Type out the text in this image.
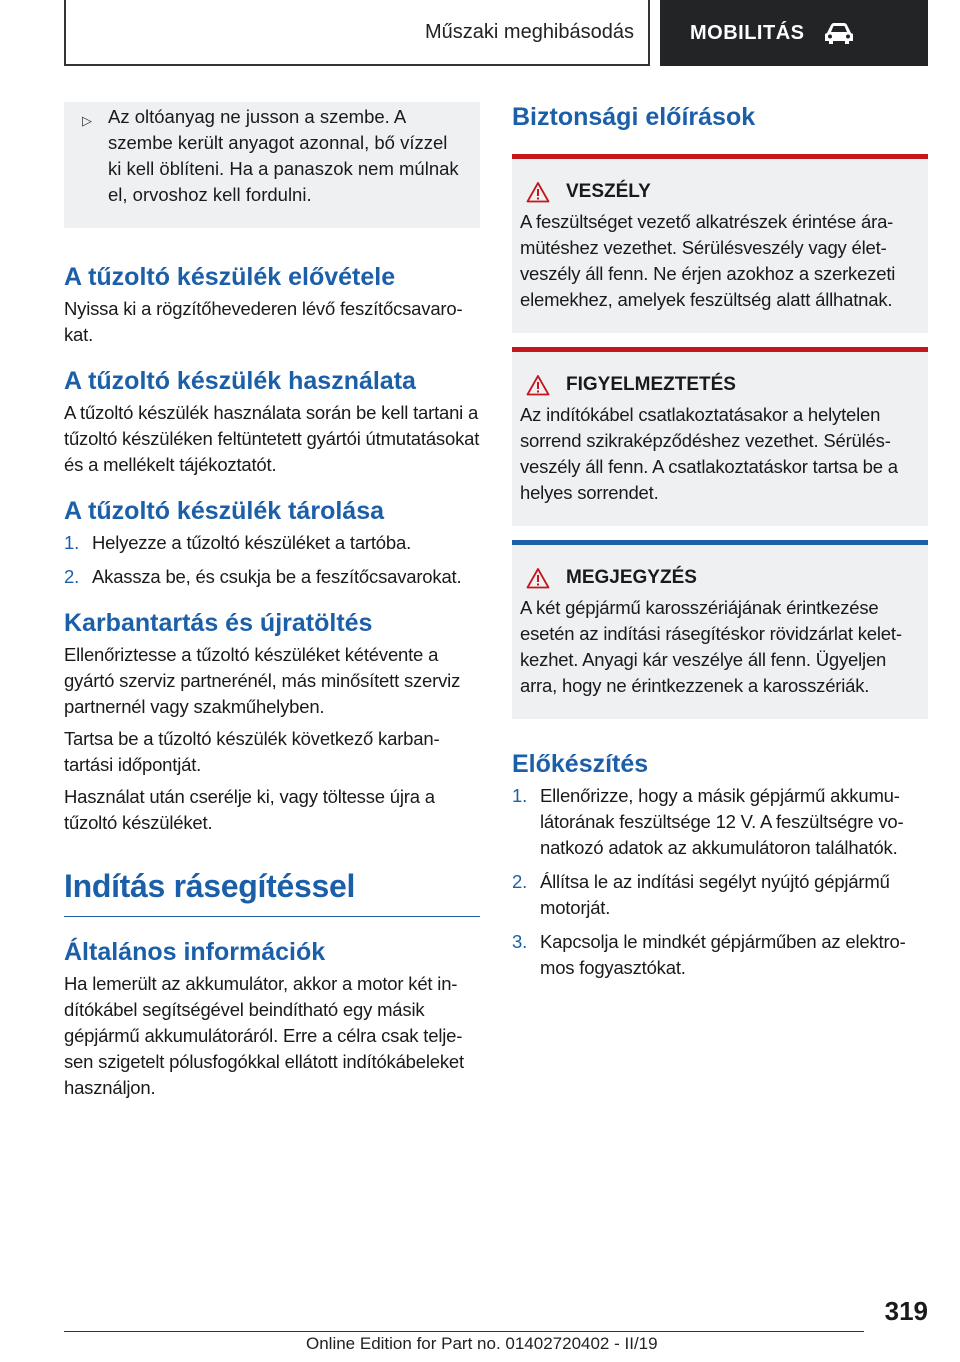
Műszaki meghibásodás	MOBILITÁS
▷ Az oltóanyag ne jusson a szembe. A
szembe került anyagot azonnal, bő vízzel
ki kell öblíteni. Ha a panaszok nem múlnak
el, orvoshoz kell fordulni.
A tűzoltó készülék elővétele

Nyissa ki a rögzítőhevederen lévő feszítőcsavarokat.

A tűzoltó készülék használata

A tűzoltó készülék használata során be kell tartani a tűzoltó készüléken feltüntetett gyártói útmutatásokat és a mellékelt tájékoztatót.

A tűzoltó készülék tárolása
1. Helyezze a tűzoltó készüléket a tartóba.
2. Akassza be, és csukja be a feszítőcsavarokat.
Karbantartás és újratöltés

Ellenőriztesse a tűzoltó készüléket kétévente a gyártó szerviz partnerénél, más minősített szerviz partnernél vagy szakműhelyben.

Tartsa be a tűzoltó készülék következő karbantartási időpontját.

Használat után cserélje ki, vagy töltesse újra a tűzoltó készüléket.

Indítás rásegítéssel
Általános információk

Ha lemerült az akkumulátor, akkor a motor két indítókábel segítségével beindítható egy másik gépjármű akkumulátoráról. Erre a célra csak teljesen szigetelt pólusfogókkal ellátott indítókábeleket használjon.

Biztonsági előírások
VESZÉLY
A feszültséget vezető alkatrészek érintése áramütéshez vezethet. Sérülésveszély vagy életveszély áll fenn. Ne érjen azokhoz a szerkezeti elemekhez, amelyek feszültség alatt állhatnak.
FIGYELMEZTETÉS
Az indítókábel csatlakoztatásakor a helytelen sorrend szikraképződéshez vezethet. Sérülésveszély áll fenn. A csatlakoztatáskor tartsa be a helyes sorrendet.
MEGJEGYZÉS
A két gépjármű karosszériájának érintkezése esetén az indítási rásegítéskor rövidzárlat keletkezhet. Anyagi kár veszélye áll fenn. Ügyeljen arra, hogy ne érintkezzenek a karosszériák.
Előkészítés
1. Ellenőrizze, hogy a másik gépjármű akkumulátorának feszültsége 12 V. A feszültségre vonatkozó adatok az akkumulátoron találhatók.
2. Állítsa le az indítási segélyt nyújtó gépjármű motorját.
3. Kapcsolja le mindkét gépjárműben az elektromos fogyasztókat.
319
Online Edition for Part no. 01402720402 - II/19
